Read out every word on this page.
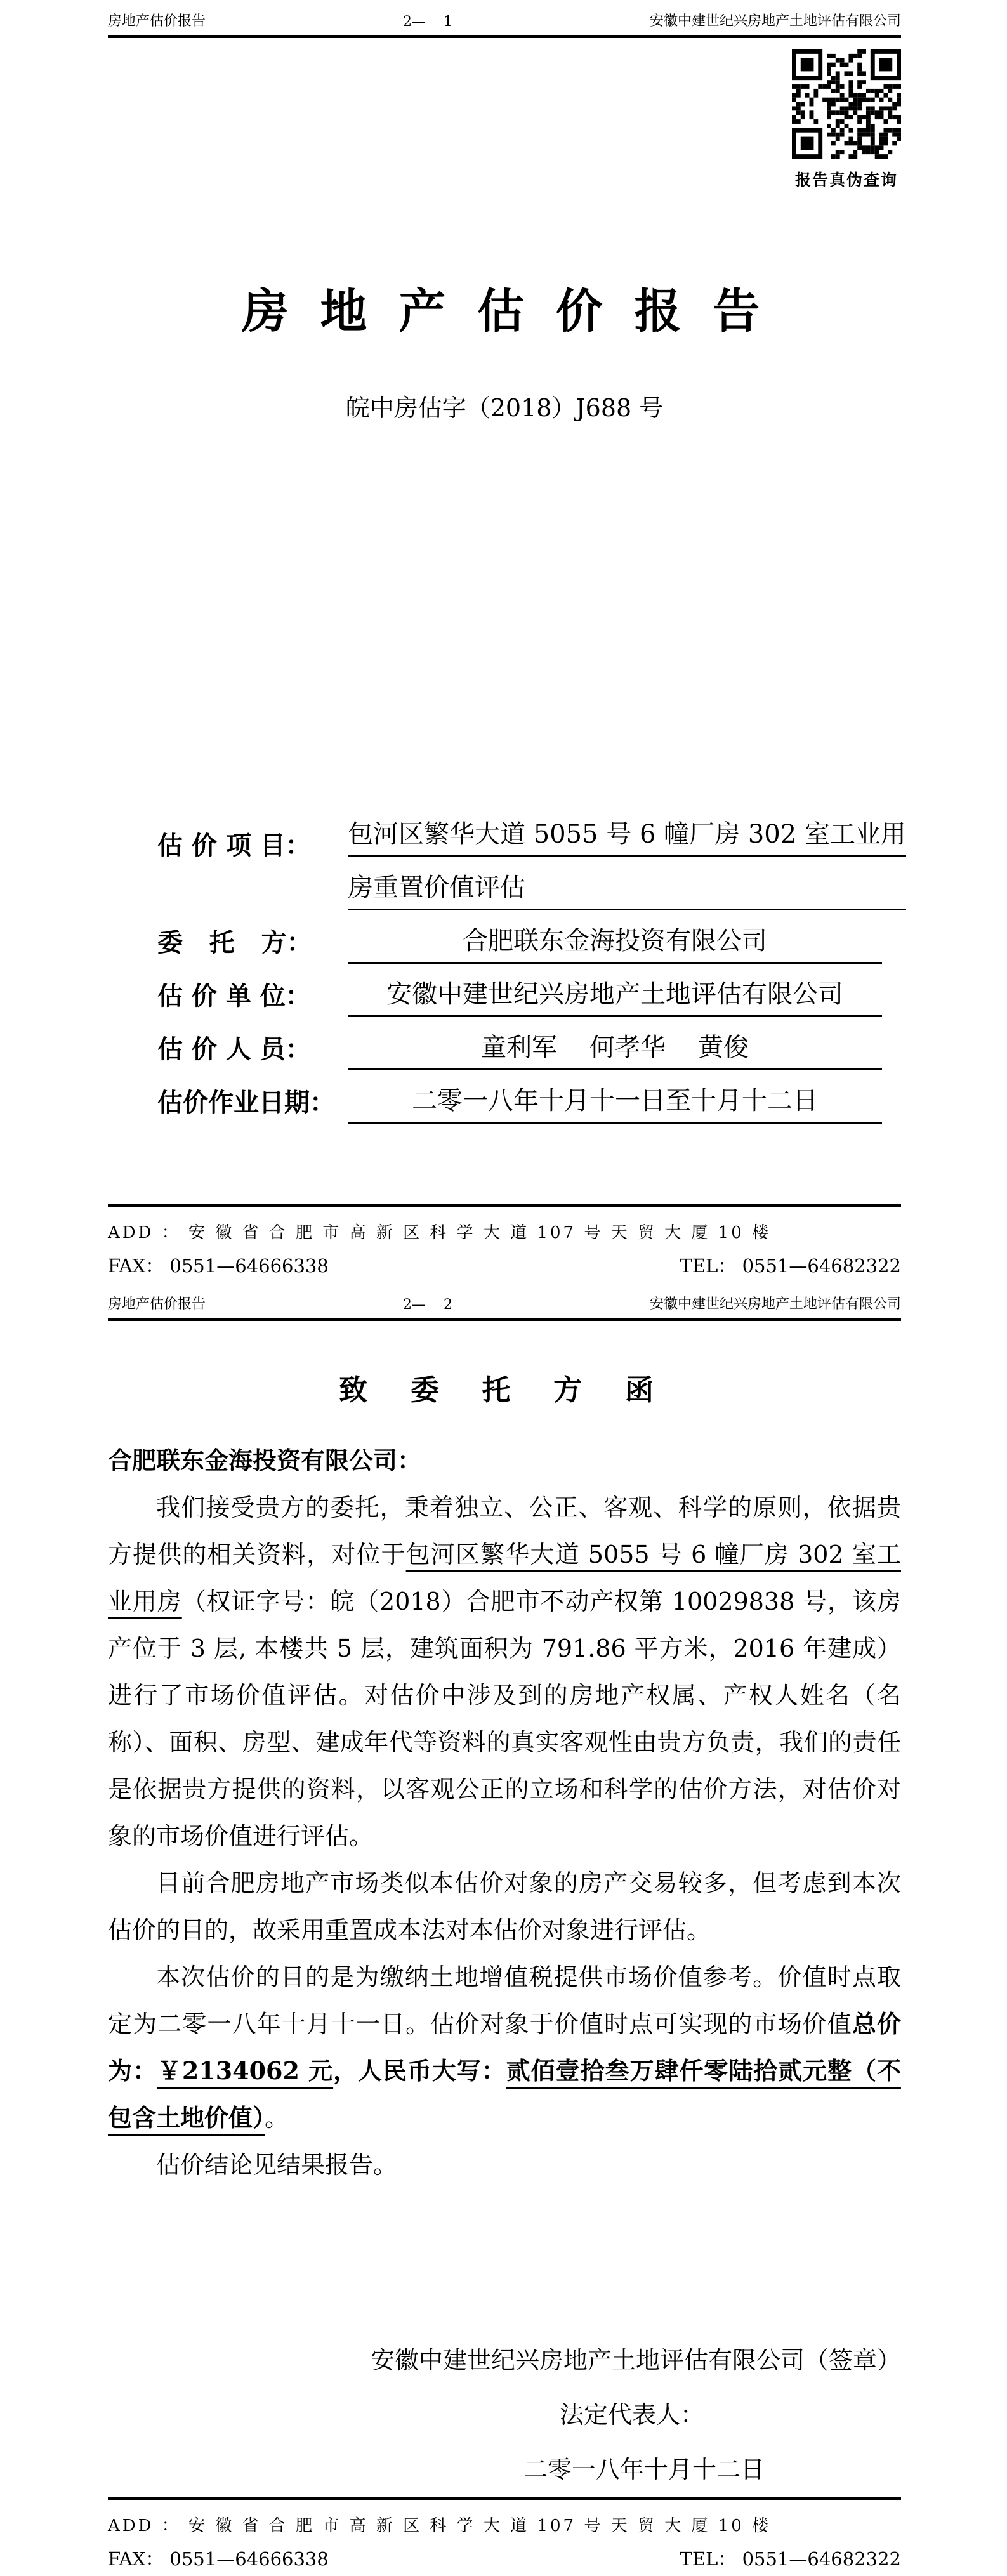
房地产估价报告	2—    1	安徽中建世纪兴房地产土地评估有限公司
报告真伪查询
房 地 产 估 价 报 告
皖中房估字（2018）J688 号
估 价 项 目：	包河区繁华大道 5055 号 6 幢厂房 302 室工业用
房重置价值评估
委   托   方：	合肥联东金海投资有限公司
估 价 单 位：	安徽中建世纪兴房地产土地评估有限公司
估 价 人 员：	童利军    何孝华    黄俊
估价作业日期：	二零一八年十月十一日至十月十二日
ADD ： 安 徽 省 合 肥 市 高 新 区 科 学 大 道 107 号 天 贸 大 厦 10 楼
FAX： 0551—64666338	TEL： 0551—64682322
房地产估价报告	2—    2	安徽中建世纪兴房地产土地评估有限公司
致 委 托 方 函
合肥联东金海投资有限公司：

我们接受贵方的委托，秉着独立、公正、客观、科学的原则，依据贵方提供的相关资料，对位于包河区繁华大道 5055 号 6 幢厂房 302 室工业用房（权证字号：皖（2018）合肥市不动产权第 10029838 号，该房产位于 3 层, 本楼共 5 层，建筑面积为 791.86 平方米，2016 年建成）进行了市场价值评估。对估价中涉及到的房地产权属、产权人姓名（名称）、面积、房型、建成年代等资料的真实客观性由贵方负责，我们的责任是依据贵方提供的资料，以客观公正的立场和科学的估价方法，对估价对象的市场价值进行评估。

目前合肥房地产市场类似本估价对象的房产交易较多，但考虑到本次估价的目的，故采用重置成本法对本估价对象进行评估。

本次估价的目的是为缴纳土地增值税提供市场价值参考。价值时点取定为二零一八年十月十一日。估价对象于价值时点可实现的市场价值总价为：￥2134062 元，人民币大写：贰佰壹拾叁万肆仟零陆拾贰元整（不包含土地价值）。

估价结论见结果报告。

安徽中建世纪兴房地产土地评估有限公司（签章）
法定代表人：
二零一八年十月十二日
ADD ： 安 徽 省 合 肥 市 高 新 区 科 学 大 道 107 号 天 贸 大 厦 10 楼
FAX： 0551—64666338	TEL： 0551—64682322
